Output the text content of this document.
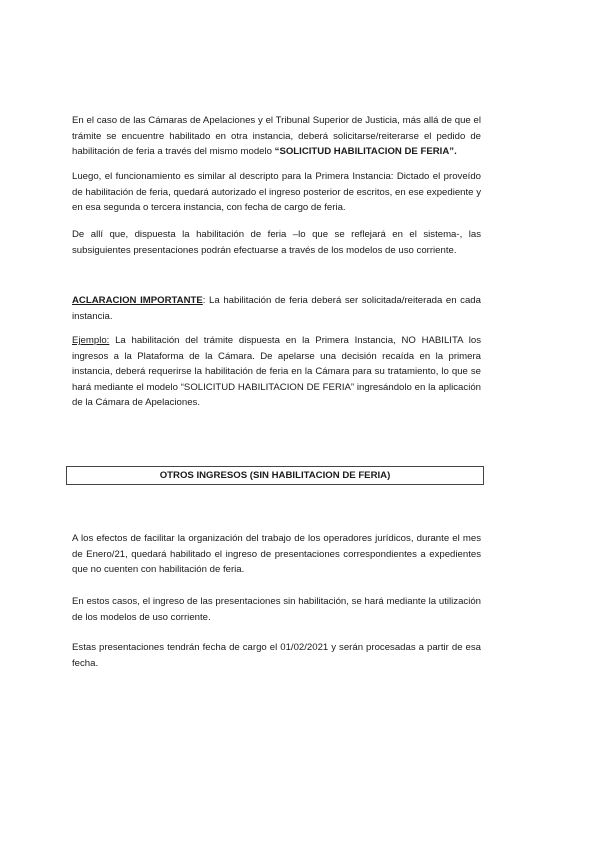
En el caso de las Cámaras de Apelaciones y el Tribunal Superior de Justicia, más allá de que el trámite se encuentre habilitado en otra instancia, deberá solicitarse/reiterarse el pedido de habilitación de feria a través del mismo modelo “SOLICITUD HABILITACION DE FERIA”.

Luego, el funcionamiento es similar al descripto para la Primera Instancia: Dictado el proveído de habilitación de feria, quedará autorizado el ingreso posterior de escritos, en ese expediente y en esa segunda o tercera instancia, con fecha de cargo de feria.

De allí que, dispuesta la habilitación de feria –lo que se reflejará en el sistema-, las subsiguientes presentaciones podrán efectuarse a través de los modelos de uso corriente.

ACLARACION IMPORTANTE: La habilitación de feria deberá ser solicitada/reiterada en cada instancia.

Ejemplo: La habilitación del trámite dispuesta en la Primera Instancia, NO HABILITA los ingresos a la Plataforma de la Cámara. De apelarse una decisión recaída en la primera instancia, deberá requerirse la habilitación de feria en la Cámara para su tratamiento, lo que se hará mediante el modelo “SOLICITUD HABILITACION DE FERIA” ingresándolo en la aplicación de la Cámara de Apelaciones.

OTROS INGRESOS (SIN HABILITACION DE FERIA)

A los efectos de facilitar la organización del trabajo de los operadores jurídicos, durante el mes de Enero/21, quedará habilitado el ingreso de presentaciones correspondientes a expedientes que no cuenten con habilitación de feria.

En estos casos, el ingreso de las presentaciones sin habilitación, se hará mediante la utilización de los modelos de uso corriente.

Estas presentaciones tendrán fecha de cargo el 01/02/2021 y serán procesadas a partir de esa fecha.
